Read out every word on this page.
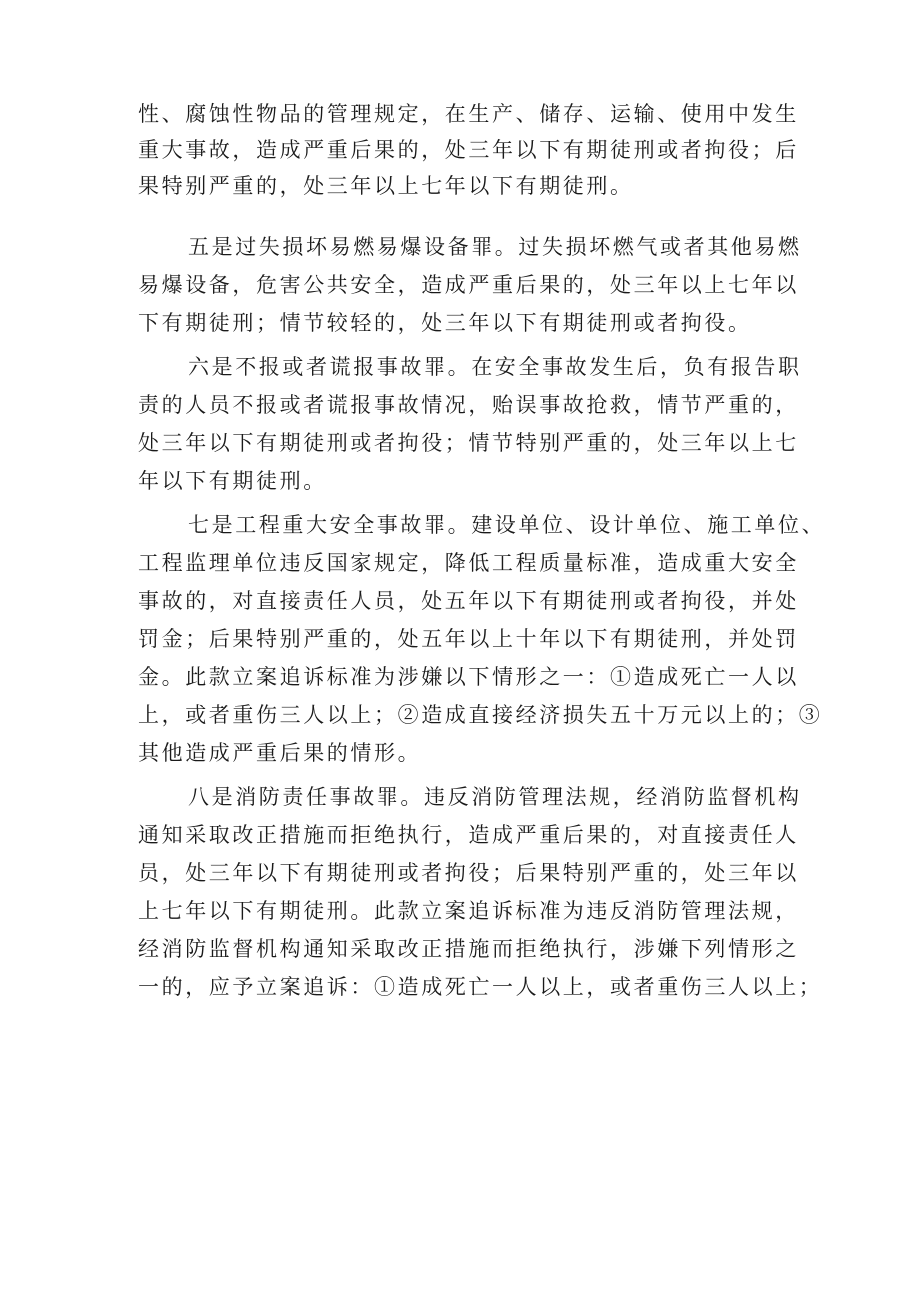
性、腐蚀性物品的管理规定，在生产、储存、运输、使用中发生
重大事故，造成严重后果的，处三年以下有期徒刑或者拘役；后
果特别严重的，处三年以上七年以下有期徒刑。
五是过失损坏易燃易爆设备罪。过失损坏燃气或者其他易燃
易爆设备，危害公共安全，造成严重后果的，处三年以上七年以
下有期徒刑；情节较轻的，处三年以下有期徒刑或者拘役。
六是不报或者谎报事故罪。在安全事故发生后，负有报告职
责的人员不报或者谎报事故情况，贻误事故抢救，情节严重的，
处三年以下有期徒刑或者拘役；情节特别严重的，处三年以上七
年以下有期徒刑。
七是工程重大安全事故罪。建设单位、设计单位、施工单位、
工程监理单位违反国家规定，降低工程质量标准，造成重大安全
事故的，对直接责任人员，处五年以下有期徒刑或者拘役，并处
罚金；后果特别严重的，处五年以上十年以下有期徒刑，并处罚
金。此款立案追诉标准为涉嫌以下情形之一：①造成死亡一人以
上，或者重伤三人以上；②造成直接经济损失五十万元以上的；③
其他造成严重后果的情形。
八是消防责任事故罪。违反消防管理法规，经消防监督机构
通知采取改正措施而拒绝执行，造成严重后果的，对直接责任人
员，处三年以下有期徒刑或者拘役；后果特别严重的，处三年以
上七年以下有期徒刑。此款立案追诉标准为违反消防管理法规，
经消防监督机构通知采取改正措施而拒绝执行，涉嫌下列情形之
一的，应予立案追诉：①造成死亡一人以上，或者重伤三人以上；
